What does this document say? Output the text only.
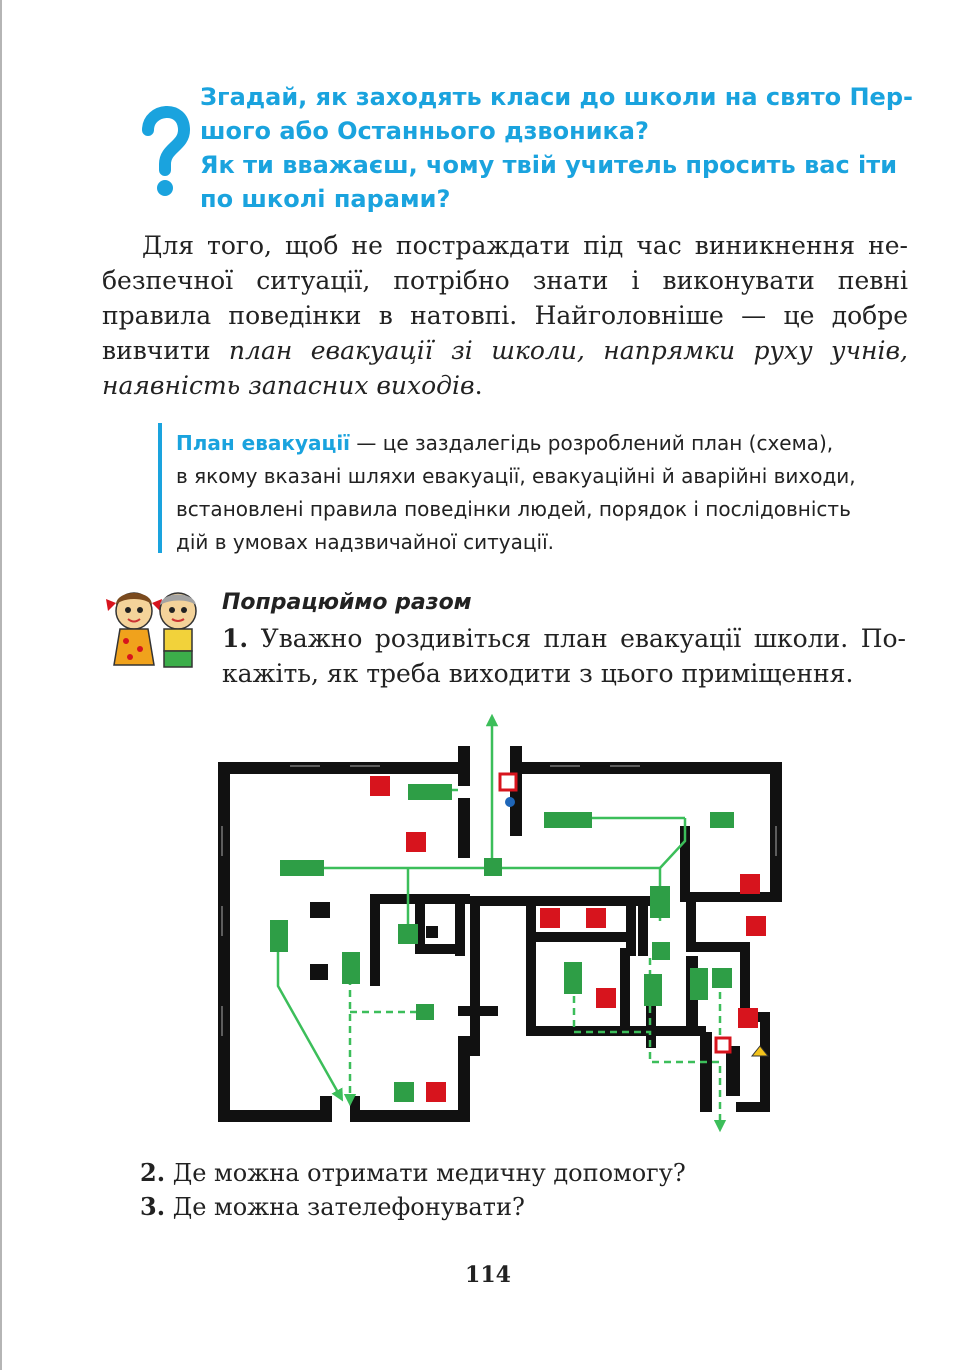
Згадай, як заходять класи до школи на свято Пер-
шого або Останнього дзвоника?
Як ти вважаєш, чому твій учитель просить вас іти
по школі парами?
Для того, щоб не постраждати під час виникнення не-
безпечної ситуації, потрібно знати і виконувати певні
правила поведінки в натовпі. Найголовніше — це добре
вивчити план евакуації зі школи, напрямки руху учнів,
наявність запасних виходів.
План евакуації — це заздалегідь розроблений план (схема),
в якому вказані шляхи евакуації, евакуаційні й аварійні виходи,
встановлені правила поведінки людей, порядок і послідовність
дій в умовах надзвичайної ситуації.
Попрацюймо разом
1. Уважно роздивіться план евакуації школи. По-
кажіть, як треба виходити з цього приміщення.
2. Де можна отримати медичну допомогу?
3. Де можна зателефонувати?
114
